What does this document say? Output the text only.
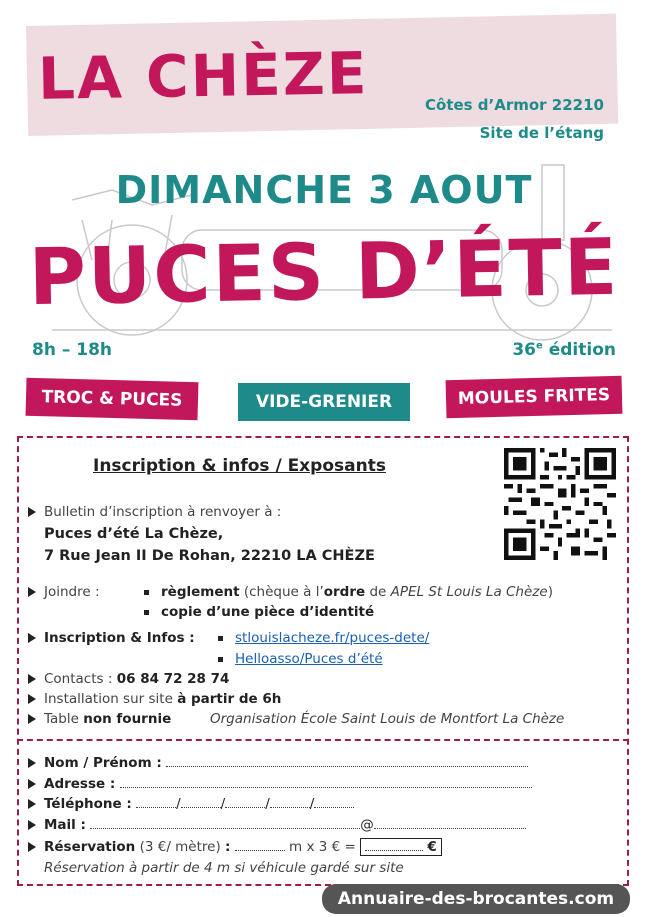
LA CHÈZE	Côtes d’Armor 22210
Site de l’étang
DIMANCHE 3 AOUT
PUCES D’ÉTÉ
8h – 18h	36e édition
TROC & PUCES	VIDE-GRENIER	MOULES FRITES
Inscription & infos / Exposants
Bulletin d’inscription à renvoyer à :
Puces d’été La Chèze,
7 Rue Jean II De Rohan, 22210 LA CHÈZE
Joindre :	règlement (chèque à l’ordre de APEL St Louis La Chèze)
copie d’une pièce d’identité
Inscription & Infos :	stlouislacheze.fr/puces-dete/
Helloasso/Puces d’été
Contacts : 06 84 72 28 74
Installation sur site à partir de 6h
Table non fournie	Organisation École Saint Louis de Montfort La Chèze
Nom / Prénom :
Adresse :
Téléphone :	/	/	/	/
Mail :	@
Réservation (3 €/ mètre) :	m x 3 € =	€
Réservation à partir de 4 m si véhicule gardé sur site
Annuaire-des-brocantes.com
